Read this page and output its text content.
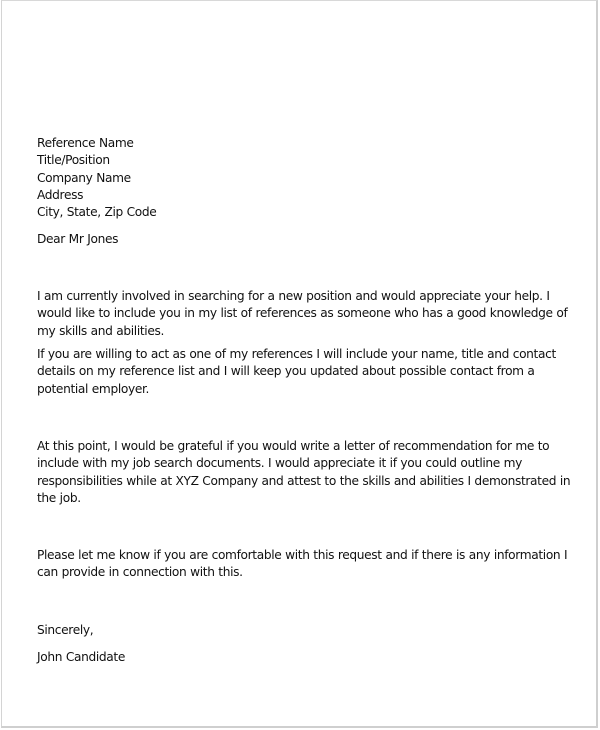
Reference Name
Title/Position
Company Name
Address
City, State, Zip Code
Dear Mr Jones

I am currently involved in searching for a new position and would appreciate your help. I would like to include you in my list of references as someone who has a good knowledge of my skills and abilities.

If you are willing to act as one of my references I will include your name, title and contact details on my reference list and I will keep you updated about possible contact from a potential employer.

At this point, I would be grateful if you would write a letter of recommendation for me to include with my job search documents. I would appreciate it if you could outline my responsibilities while at XYZ Company and attest to the skills and abilities I demonstrated in the job.

Please let me know if you are comfortable with this request and if there is any information I can provide in connection with this.

Sincerely,
John Candidate
